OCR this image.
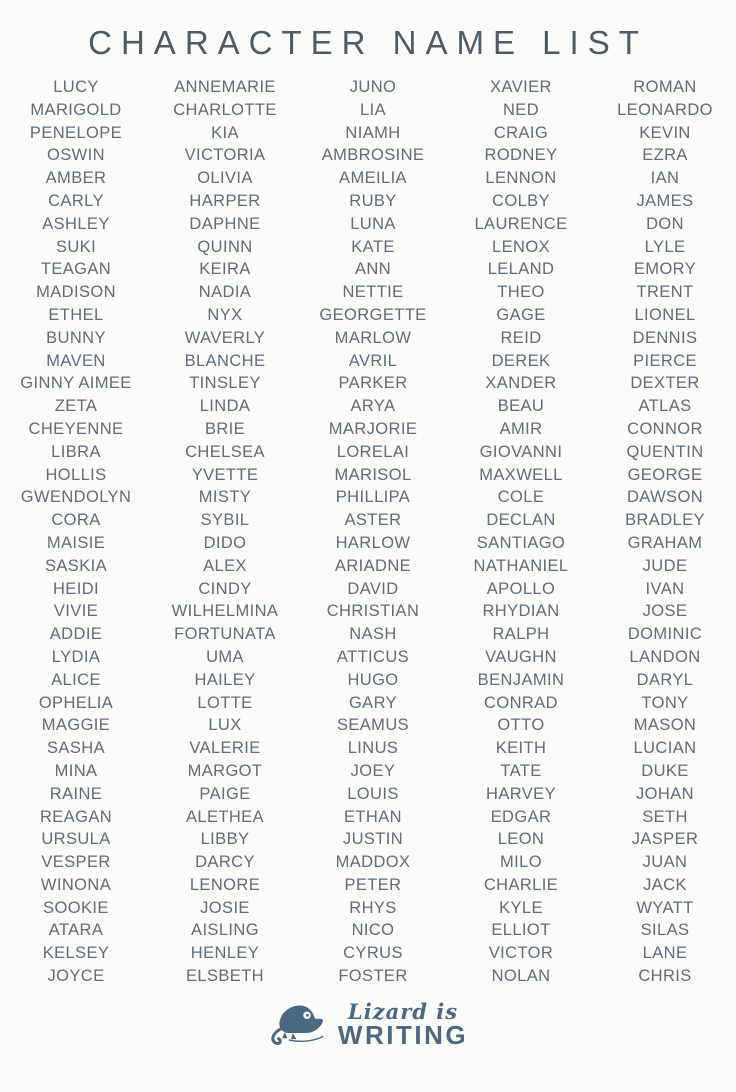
CHARACTER NAME LIST
LUCY
MARIGOLD
PENELOPE
OSWIN
AMBER
CARLY
ASHLEY
SUKI
TEAGAN
MADISON
ETHEL
BUNNY
MAVEN
GINNY AIMEE
ZETA
CHEYENNE
LIBRA
HOLLIS
GWENDOLYN
CORA
MAISIE
SASKIA
HEIDI
VIVIE
ADDIE
LYDIA
ALICE
OPHELIA
MAGGIE
SASHA
MINA
RAINE
REAGAN
URSULA
VESPER
WINONA
SOOKIE
ATARA
KELSEY
JOYCE
ANNEMARIE
CHARLOTTE
KIA
VICTORIA
OLIVIA
HARPER
DAPHNE
QUINN
KEIRA
NADIA
NYX
WAVERLY
BLANCHE
TINSLEY
LINDA
BRIE
CHELSEA
YVETTE
MISTY
SYBIL
DIDO
ALEX
CINDY
WILHELMINA
FORTUNATA
UMA
HAILEY
LOTTE
LUX
VALERIE
MARGOT
PAIGE
ALETHEA
LIBBY
DARCY
LENORE
JOSIE
AISLING
HENLEY
ELSBETH
JUNO
LIA
NIAMH
AMBROSINE
AMEILIA
RUBY
LUNA
KATE
ANN
NETTIE
GEORGETTE
MARLOW
AVRIL
PARKER
ARYA
MARJORIE
LORELAI
MARISOL
PHILLIPA
ASTER
HARLOW
ARIADNE
DAVID
CHRISTIAN
NASH
ATTICUS
HUGO
GARY
SEAMUS
LINUS
JOEY
LOUIS
ETHAN
JUSTIN
MADDOX
PETER
RHYS
NICO
CYRUS
FOSTER
XAVIER
NED
CRAIG
RODNEY
LENNON
COLBY
LAURENCE
LENOX
LELAND
THEO
GAGE
REID
DEREK
XANDER
BEAU
AMIR
GIOVANNI
MAXWELL
COLE
DECLAN
SANTIAGO
NATHANIEL
APOLLO
RHYDIAN
RALPH
VAUGHN
BENJAMIN
CONRAD
OTTO
KEITH
TATE
HARVEY
EDGAR
LEON
MILO
CHARLIE
KYLE
ELLIOT
VICTOR
NOLAN
ROMAN
LEONARDO
KEVIN
EZRA
IAN
JAMES
DON
LYLE
EMORY
TRENT
LIONEL
DENNIS
PIERCE
DEXTER
ATLAS
CONNOR
QUENTIN
GEORGE
DAWSON
BRADLEY
GRAHAM
JUDE
IVAN
JOSE
DOMINIC
LANDON
DARYL
TONY
MASON
LUCIAN
DUKE
JOHAN
SETH
JASPER
JUAN
JACK
WYATT
SILAS
LANE
CHRIS
Lizard is
WRITING
